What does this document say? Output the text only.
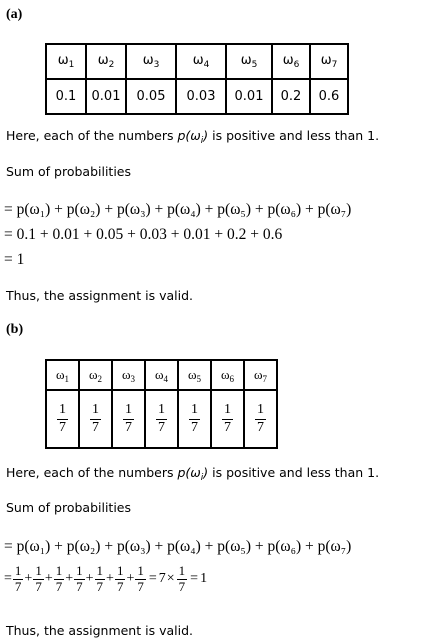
(a)
$\omega_1$	$\omega_2$	$\omega_3$	$\omega_4$	$\omega_5$	$\omega_6$	$\omega_7$
0.1	0.01	0.05	0.03	0.01	0.2	0.6
Here, each of the numbers $p(\omega_i)$ is positive and less than 1.
Sum of probabilities
= p(ω₁) + p(ω₂) + p(ω₃) + p(ω₄) + p(ω₅) + p(ω₆) + p(ω₇)
= 0.1 + 0.01 + 0.05 + 0.03 + 0.01 + 0.2 + 0.6
= 1
Thus, the assignment is valid.
(b)
$\omega_1$	$\omega_2$	$\omega_3$	$\omega_4$	$\omega_5$	$\omega_6$	$\omega_7$

$\frac{1}{7}$	$\frac{1}{7}$	$\frac{1}{7}$	$\frac{1}{7}$	$\frac{1}{7}$	$\frac{1}{7}$	$\frac{1}{7}$
Here, each of the numbers $p(\omega_i)$ is positive and less than 1.
Sum of probabilities
= p(ω₁) + p(ω₂) + p(ω₃) + p(ω₄) + p(ω₅) + p(ω₆) + p(ω₇)
= $\frac{1}{7} + \frac{1}{7} + \frac{1}{7} + \frac{1}{7} + \frac{1}{7} + \frac{1}{7} + \frac{1}{7} = 7 \times \frac{1}{7} = 1$
Thus, the assignment is valid.
